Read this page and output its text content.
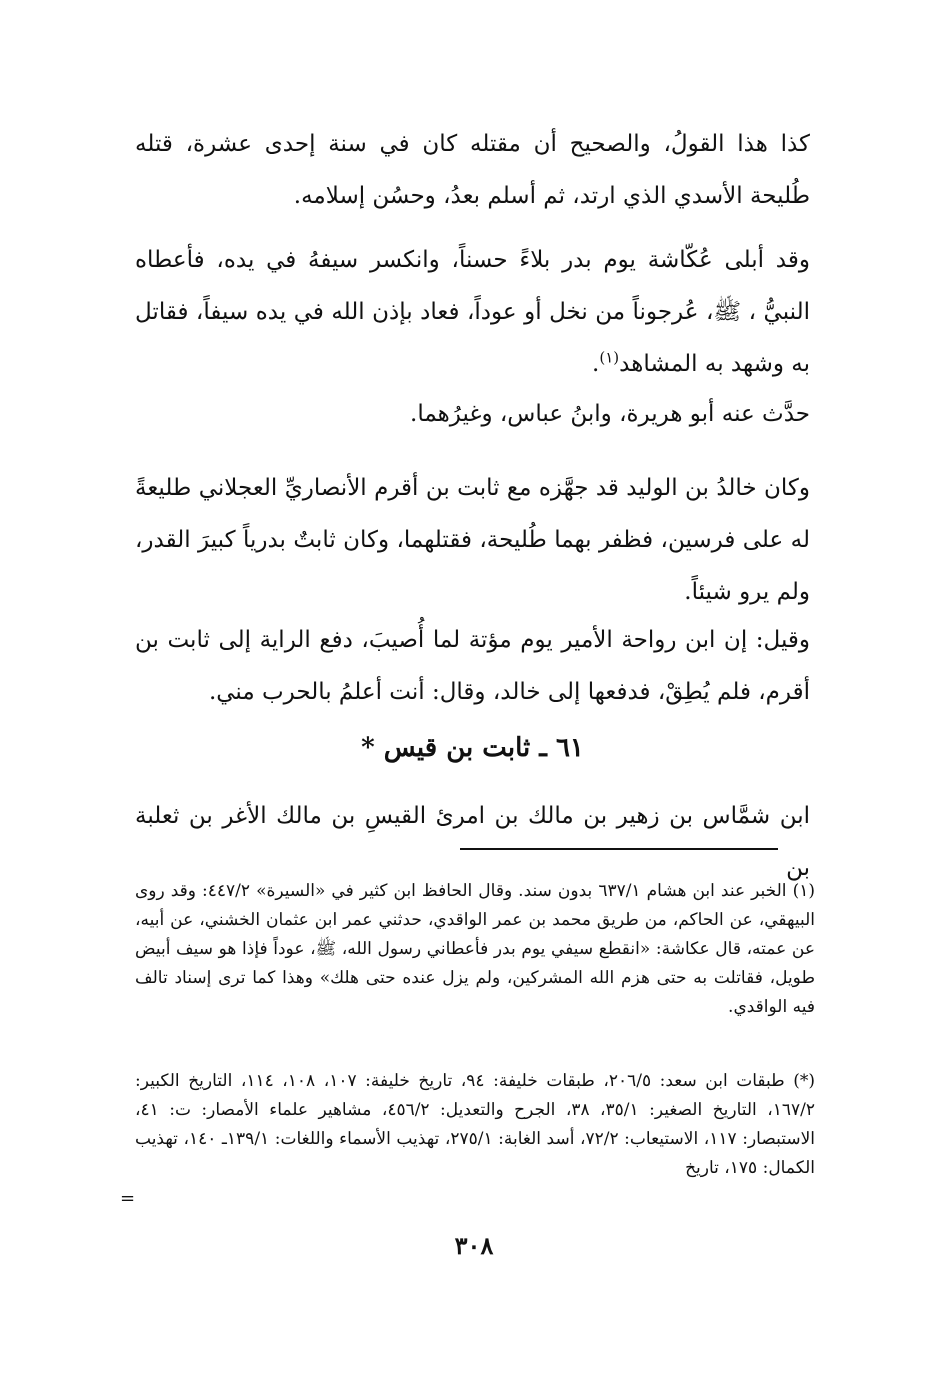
كذا هذا القولُ، والصحيح أن مقتله كان في سنة إحدى عشرة، قتله طُليحة الأسدي الذي ارتد، ثم أسلم بعدُ، وحسُن إسلامه.
وقد أبلى عُكّاشة يوم بدر بلاءً حسناً، وانكسر سيفهُ في يده، فأعطاه النبيُّ ، ﷺ، عُرجوناً من نخل أو عوداً، فعاد بإذن الله في يده سيفاً، فقاتل به وشهد به المشاهد$^{(١)}$.
حدَّث عنه أبو هريرة، وابنُ عباس، وغيرُهما.
وكان خالدُ بن الوليد قد جهَّزه مع ثابت بن أقرم الأنصاريِّ العجلاني طليعةً له على فرسين، فظفر بهما طُليحة، فقتلهما، وكان ثابتٌ بدرياً كبيرَ القدر، ولم يرو شيئاً.
وقيل: إن ابن رواحة الأمير يوم مؤتة لما أُصيبَ، دفع الراية إلى ثابت بن أقرم، فلم يُطِقْ، فدفعها إلى خالد، وقال: أنت أعلمُ بالحرب مني.
٦١ ـ ثابت بن قيس *
ابن شمَّاس بن زهير بن مالك بن امرئ القيسِ بن مالك الأغر بن ثعلبة بن
(١) الخبر عند ابن هشام ٦٣٧/١ بدون سند. وقال الحافظ ابن كثير في «السيرة» ٤٤٧/٢: وقد روى البيهقي، عن الحاكم، من طريق محمد بن عمر الواقدي، حدثني عمر ابن عثمان الخشني، عن أبيه، عن عمته، قال عكاشة: «انقطع سيفي يوم بدر فأعطاني رسول الله، ﷺ، عوداً فإذا هو سيف أبيض طويل، فقاتلت به حتى هزم الله المشركين، ولم يزل عنده حتى هلك» وهذا كما ترى إسناد تالف فيه الواقدي.
(*) طبقات ابن سعد: ٢٠٦/٥، طبقات خليفة: ٩٤، تاريخ خليفة: ١٠٧، ١٠٨، ١١٤، التاريخ الكبير: ١٦٧/٢، التاريخ الصغير: ٣٥/١، ٣٨، الجرح والتعديل: ٤٥٦/٢، مشاهير علماء الأمصار: ت: ٤١، الاستبصار: ١١٧، الاستيعاب: ٧٢/٢، أسد الغابة: ٢٧٥/١، تهذيب الأسماء واللغات: ١٣٩/١ـ ١٤٠، تهذيب الكمال: ١٧٥، تاريخ
=
٣٠٨
